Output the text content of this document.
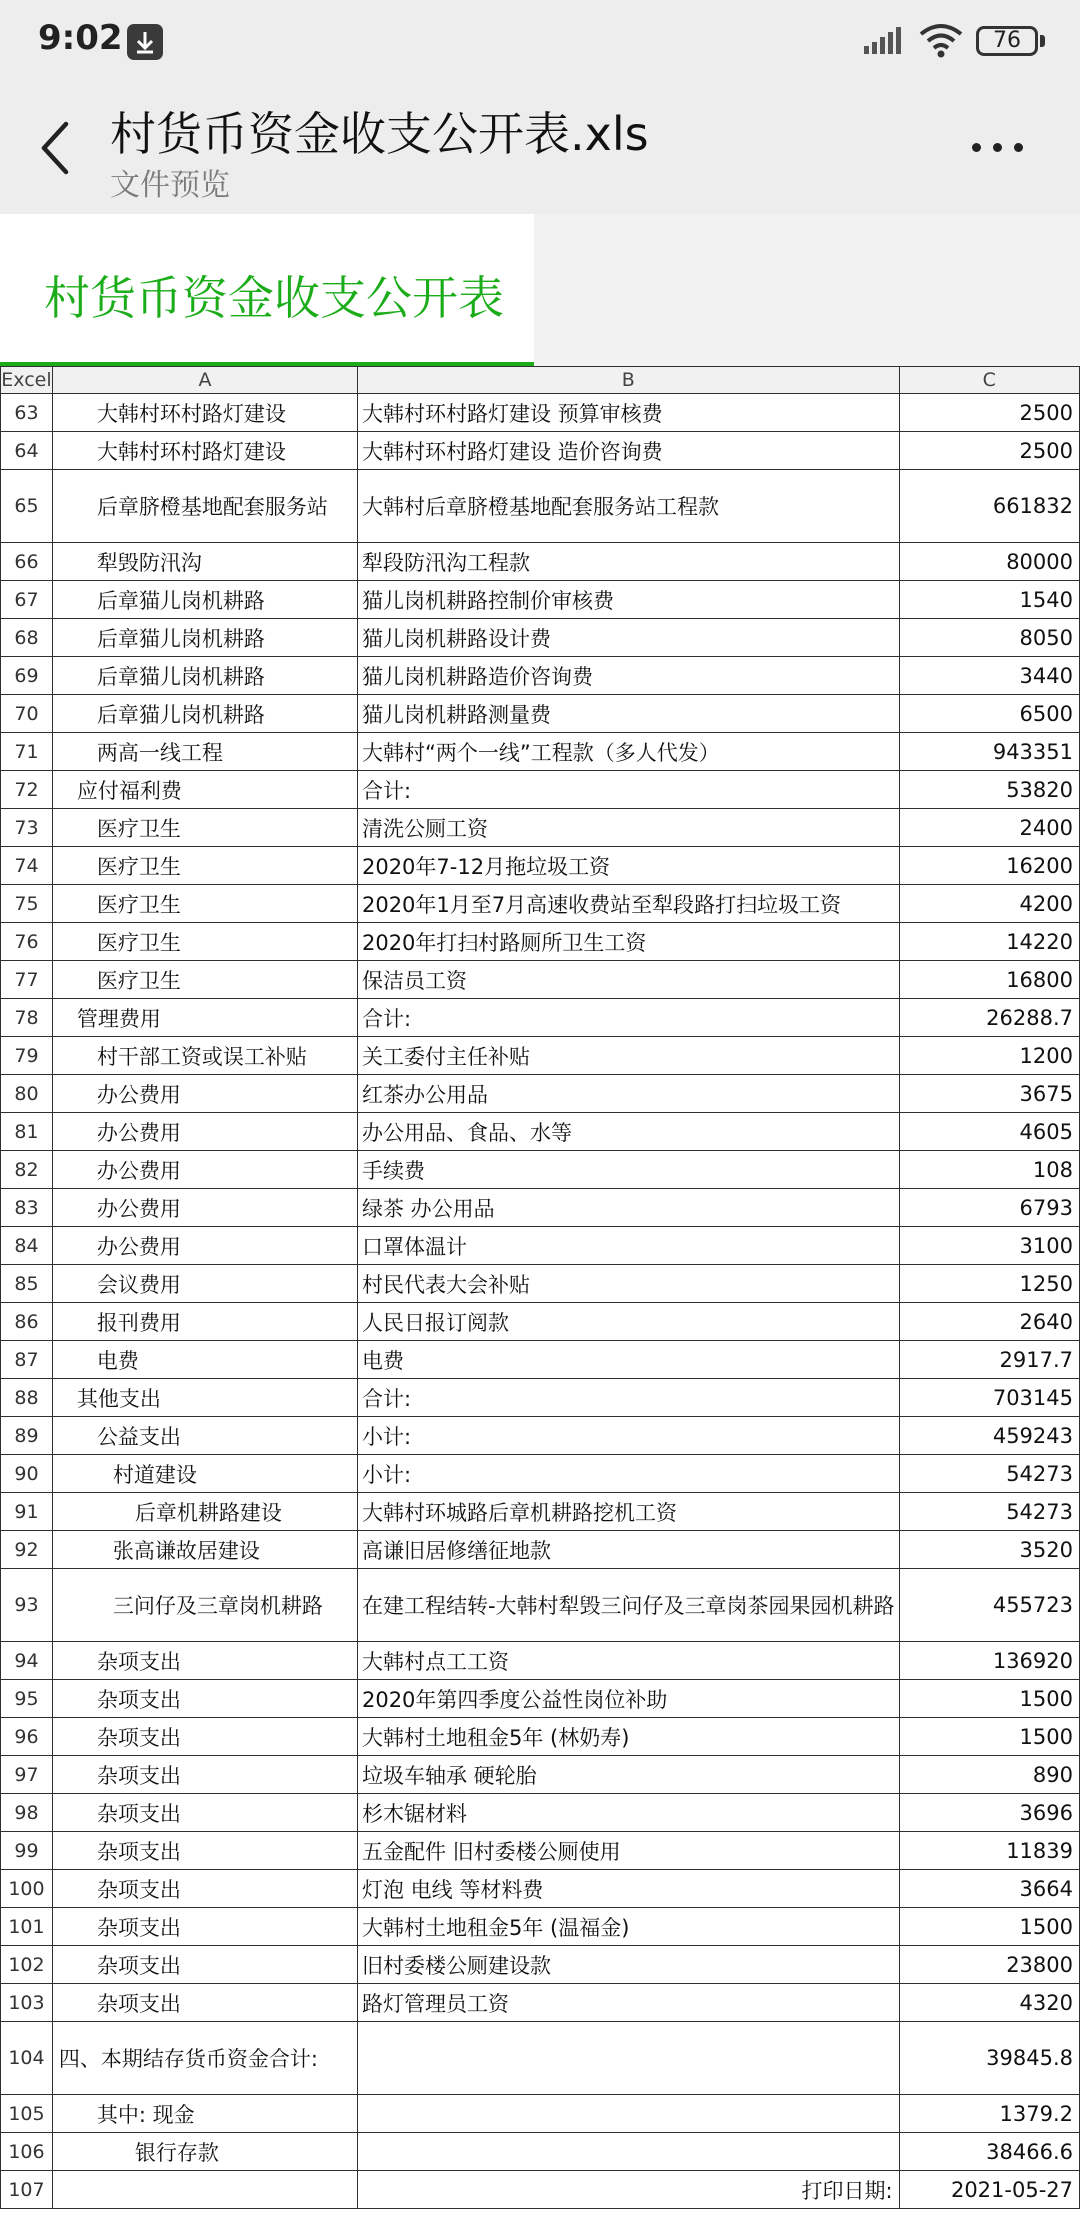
9:02	76
村货币资金收支公开表.xls
文件预览
村货币资金收支公开表
Excel	A	B	C
63	大韩村环村路灯建设	大韩村环村路灯建设 预算审核费	2500
64	大韩村环村路灯建设	大韩村环村路灯建设 造价咨询费	2500
65	后章脐橙基地配套服务站	大韩村后章脐橙基地配套服务站工程款	661832
66	犁毁防汛沟	犁段防汛沟工程款	80000
67	后章猫儿岗机耕路	猫儿岗机耕路控制价审核费	1540
68	后章猫儿岗机耕路	猫儿岗机耕路设计费	8050
69	后章猫儿岗机耕路	猫儿岗机耕路造价咨询费	3440
70	后章猫儿岗机耕路	猫儿岗机耕路测量费	6500
71	两高一线工程	大韩村“两个一线”工程款（多人代发）	943351
72	应付福利费	合计:	53820
73	医疗卫生	清洗公厕工资	2400
74	医疗卫生	2020年7-12月拖垃圾工资	16200
75	医疗卫生	2020年1月至7月高速收费站至犁段路打扫垃圾工资	4200
76	医疗卫生	2020年打扫村路厕所卫生工资	14220
77	医疗卫生	保洁员工资	16800
78	管理费用	合计:	26288.7
79	村干部工资或误工补贴	关工委付主任补贴	1200
80	办公费用	红茶办公用品	3675
81	办公费用	办公用品、食品、水等	4605
82	办公费用	手续费	108
83	办公费用	绿茶 办公用品	6793
84	办公费用	口罩体温计	3100
85	会议费用	村民代表大会补贴	1250
86	报刊费用	人民日报订阅款	2640
87	电费	电费	2917.7
88	其他支出	合计:	703145
89	公益支出	小计:	459243
90	村道建设	小计:	54273
91	后章机耕路建设	大韩村环城路后章机耕路挖机工资	54273
92	张高谦故居建设	高谦旧居修缮征地款	3520
93	三问仔及三章岗机耕路	在建工程结转-大韩村犁毁三问仔及三章岗茶园果园机耕路	455723
94	杂项支出	大韩村点工工资	136920
95	杂项支出	2020年第四季度公益性岗位补助	1500
96	杂项支出	大韩村土地租金5年 (林奶寿)	1500
97	杂项支出	垃圾车轴承 硬轮胎	890
98	杂项支出	杉木锯材料	3696
99	杂项支出	五金配件 旧村委楼公厕使用	11839
100	杂项支出	灯泡 电线 等材料费	3664
101	杂项支出	大韩村土地租金5年 (温福金)	1500
102	杂项支出	旧村委楼公厕建设款	23800
103	杂项支出	路灯管理员工资	4320
104	四、本期结存货币资金合计:		39845.8
105	其中: 现金		1379.2
106	银行存款		38466.6
107		打印日期:	2021-05-27
